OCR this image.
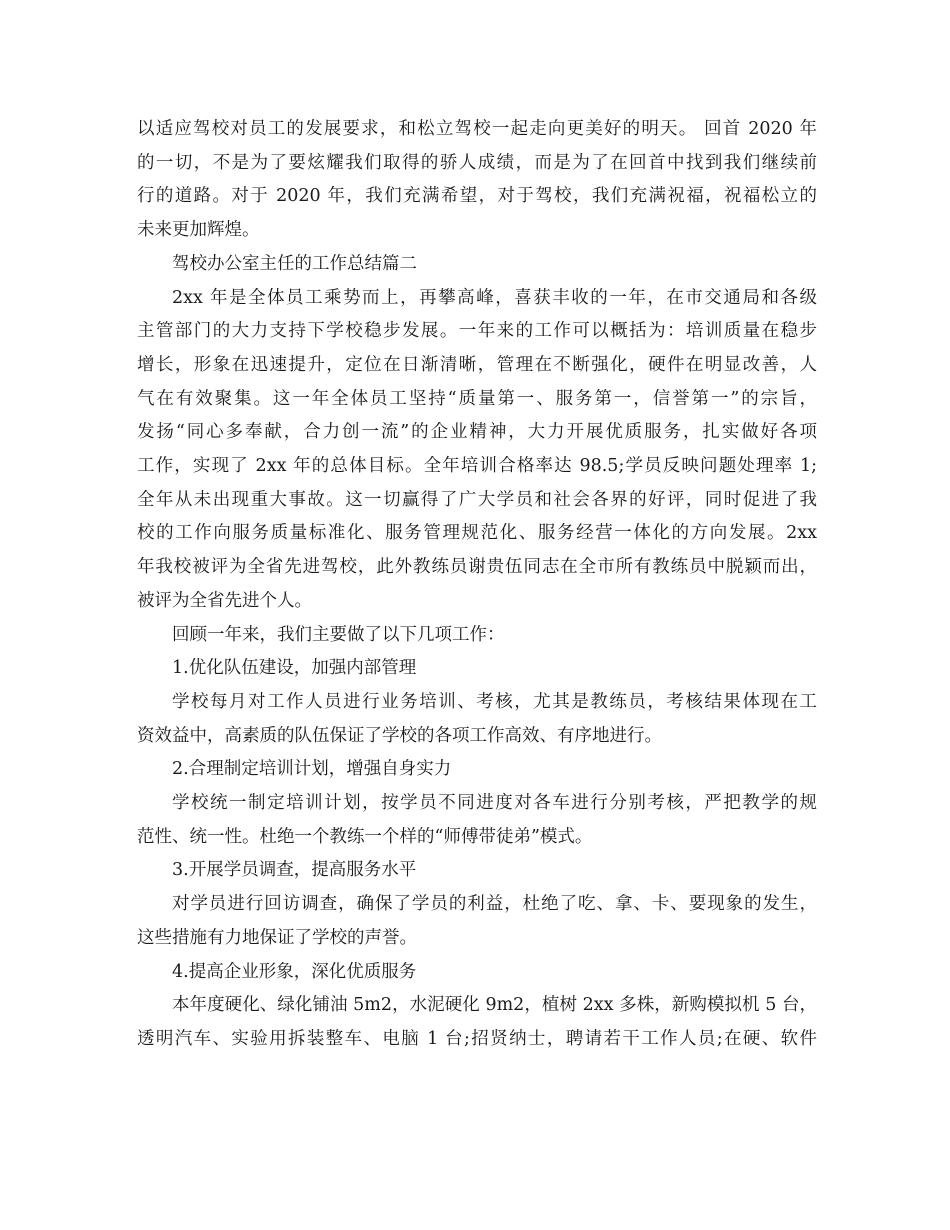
以适应驾校对员工的发展要求，和松立驾校一起走向更美好的明天。 回首 2020 年
的一切，不是为了要炫耀我们取得的骄人成绩，而是为了在回首中找到我们继续前
行的道路。对于 2020 年，我们充满希望，对于驾校，我们充满祝福，祝福松立的
未来更加辉煌。
驾校办公室主任的工作总结篇二
2xx 年是全体员工乘势而上，再攀高峰，喜获丰收的一年，在市交通局和各级
主管部门的大力支持下学校稳步发展。一年来的工作可以概括为：培训质量在稳步
增长，形象在迅速提升，定位在日渐清晰，管理在不断强化，硬件在明显改善，人
气在有效聚集。这一年全体员工坚持“质量第一、服务第一，信誉第一”的宗旨，
发扬“同心多奉献，合力创一流”的企业精神，大力开展优质服务，扎实做好各项
工作，实现了 2xx 年的总体目标。全年培训合格率达 98.5;学员反映问题处理率 1;
全年从未出现重大事故。这一切赢得了广大学员和社会各界的好评，同时促进了我
校的工作向服务质量标准化、服务管理规范化、服务经营一体化的方向发展。2xx
年我校被评为全省先进驾校，此外教练员谢贵伍同志在全市所有教练员中脱颖而出，
被评为全省先进个人。
回顾一年来，我们主要做了以下几项工作：
1.优化队伍建设，加强内部管理
学校每月对工作人员进行业务培训、考核，尤其是教练员，考核结果体现在工
资效益中，高素质的队伍保证了学校的各项工作高效、有序地进行。
2.合理制定培训计划，增强自身实力
学校统一制定培训计划，按学员不同进度对各车进行分别考核，严把教学的规
范性、统一性。杜绝一个教练一个样的“师傅带徒弟”模式。
3.开展学员调查，提高服务水平
对学员进行回访调查，确保了学员的利益，杜绝了吃、拿、卡、要现象的发生，
这些措施有力地保证了学校的声誉。
4.提高企业形象，深化优质服务
本年度硬化、绿化铺油 5m2，水泥硬化 9m2，植树 2xx 多株，新购模拟机 5 台，
透明汽车、实验用拆装整车、电脑 1 台;招贤纳士，聘请若干工作人员;在硬、软件
